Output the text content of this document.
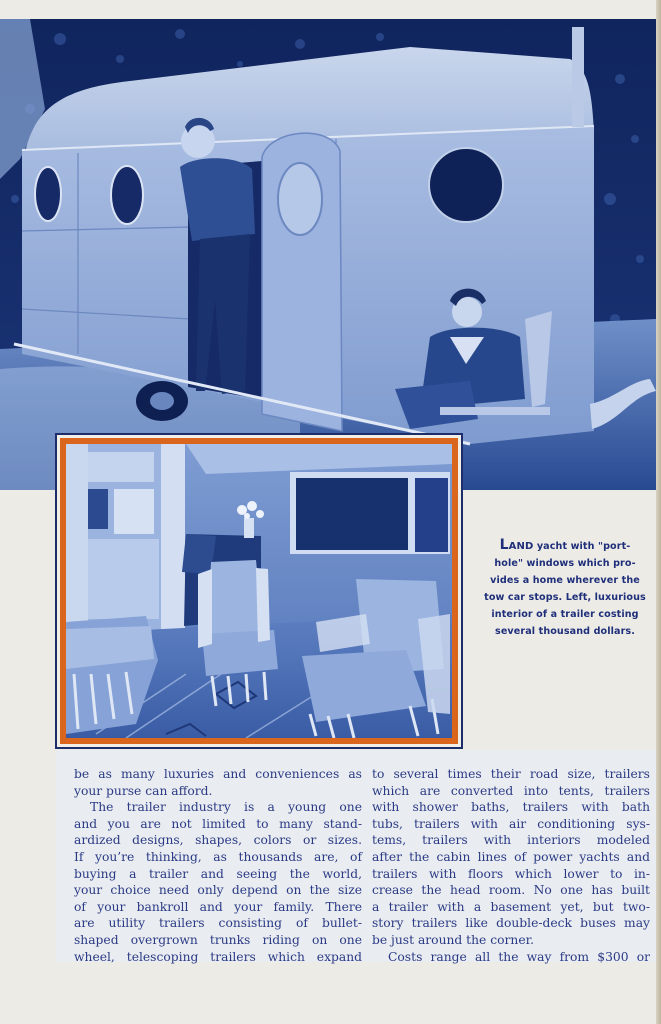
LAND yacht with "port-
hole" windows which pro-
vides a home wherever the
tow car stops. Left, luxurious
interior of a trailer costing
several thousand dollars.
be as many luxuries and conveniences as
your purse can afford.
The trailer industry is a young one
and you are not limited to many stand-
ardized designs, shapes, colors or sizes.
If you’re thinking, as thousands are, of
buying a trailer and seeing the world,
your choice need only depend on the size
of your bankroll and your family. There
are utility trailers consisting of bullet-
shaped overgrown trunks riding on one
wheel, telescoping trailers which expand
to several times their road size, trailers
which are converted into tents, trailers
with shower baths, trailers with bath
tubs, trailers with air conditioning sys-
tems, trailers with interiors modeled
after the cabin lines of power yachts and
trailers with floors which lower to in-
crease the head room. No one has built
a trailer with a basement yet, but two-
story trailers like double-deck buses may
be just around the corner.
Costs range all the way from $300 or
